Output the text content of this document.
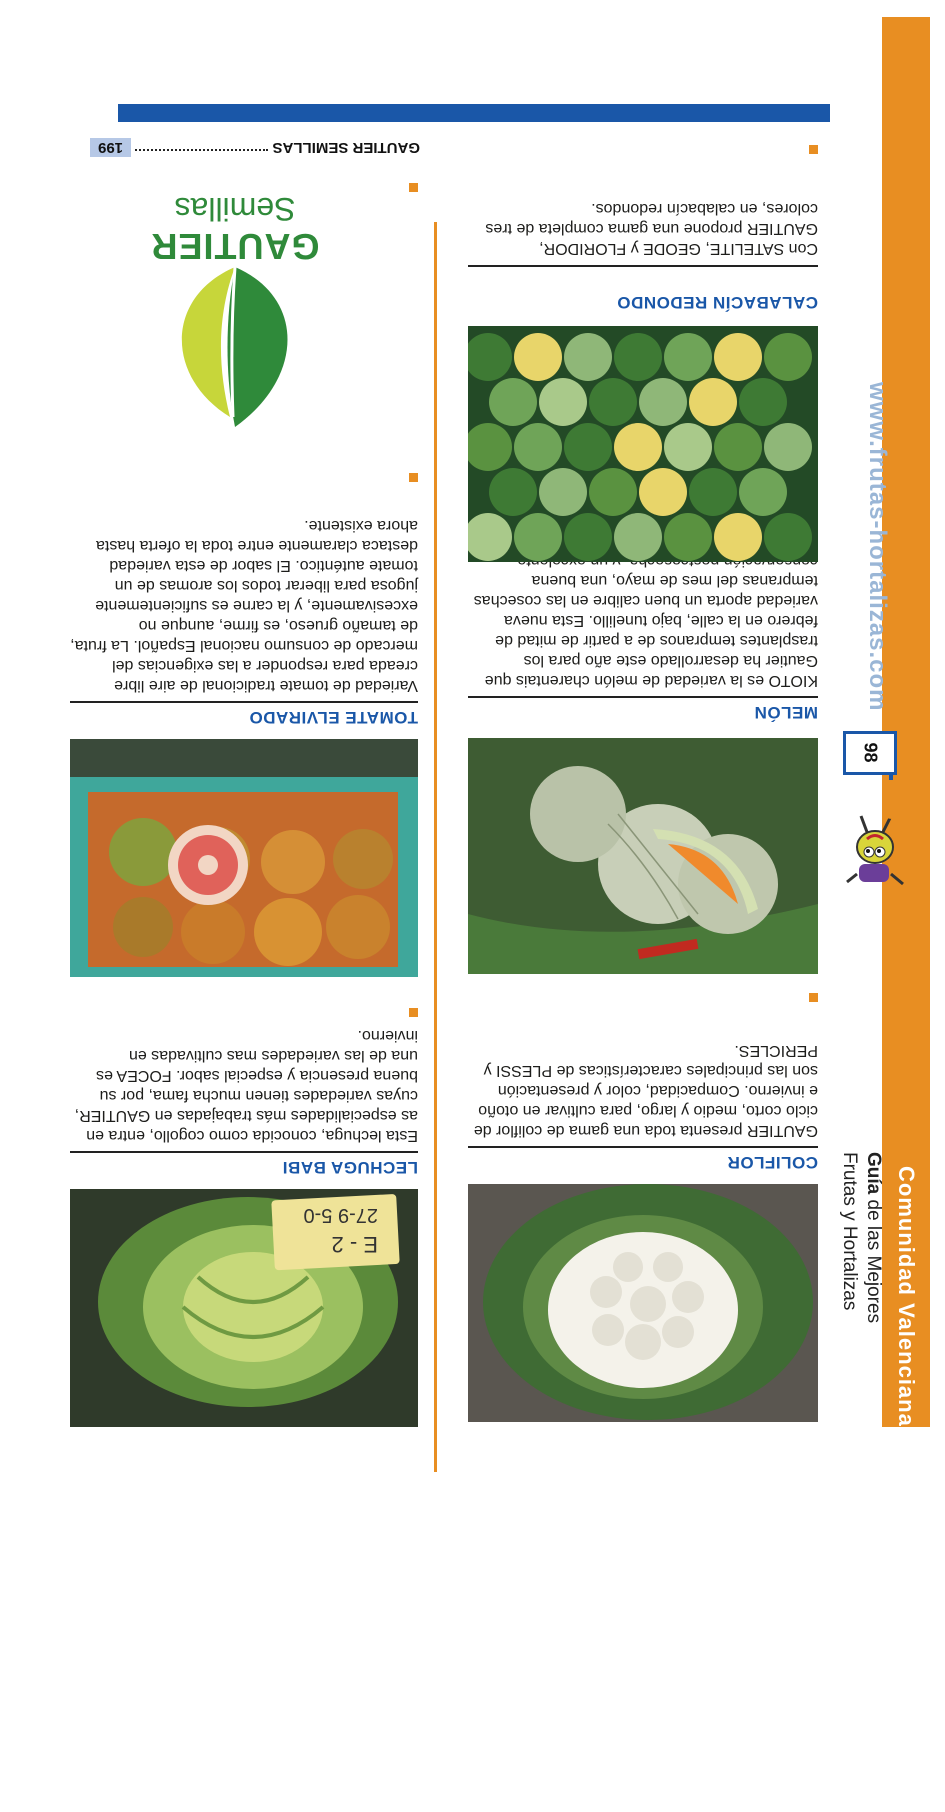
Comunidad Valenciana
Guía de las Mejores
Frutas y Hortalizas
98
www.frutas-hortalizas.com
COLIFLOR
GAUTIER presenta toda una gama de coliflor de ciclo corto, medio y largo, para cultivar en otoño e invierno. Compacidad, color y presentación son las principales características de PLESSI y PERICLES.
MELÓN
KIOTO es la variedad de melón charentais que Gautier ha desarrollado este año para los trasplantes tempranos de a partir de mitad de febrero en la calle, bajo tunelillo. Esta nueva variedad aporta un buen calibre en las cosechas tempranas del mes de mayo, una buena
CALABACÍN REDONDO
Con SATELITE, GEODE y FLORIDOR, GAUTIER propone una gama completa de tres colores, en calabacín redondos.
E - 2
27-9 5-0
LECHUGA BABI
Esta lechuga, conocida como cogollo, entra en as especialidades más trabajadas en GAUTIER, cuyas variedades tienen mucha fama, por su buena presencia y especial sabor. FOCEA es una de las variedades mas cultivadas en invierno.
TOMATE ELVIRADO
Variedad de tomate tradicional de aire libre creada para responder a las exigencias del mercado de consumo nacional Español. La fruta, de tamaño grueso, es firme, aunque no excesivamente, y la carne es suficientemente jugosa para liberar todos los aromas de un tomate auténtico. El sabor de esta variedad destaca claramente entre toda la oferta hasta ahora existente.
GAUTIER
Semillas
GAUTIER SEMILLAS
199
